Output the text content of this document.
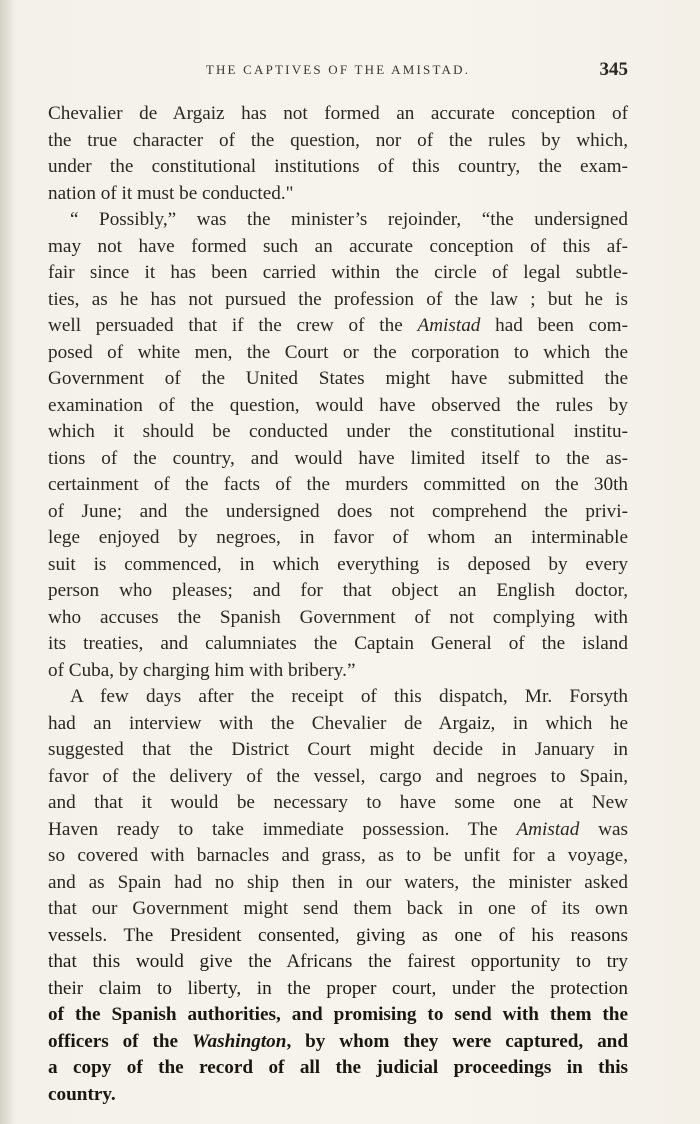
THE CAPTIVES OF THE AMISTAD.	345
Chevalier de Argaiz has not formed an accurate conception of
the true character of the question, nor of the rules by which,
under the constitutional institutions of this country, the exam-
nation of it must be conducted."
“ Possibly,” was the minister’s rejoinder, “the undersigned
may not have formed such an accurate conception of this af-
fair since it has been carried within the circle of legal subtle-
ties, as he has not pursued the profession of the law ; but he is
well persuaded that if the crew of the Amistad had been com-
posed of white men, the Court or the corporation to which the
Government of the United States might have submitted the
examination of the question, would have observed the rules by
which it should be conducted under the constitutional institu-
tions of the country, and would have limited itself to the as-
certainment of the facts of the murders committed on the 30th
of June; and the undersigned does not comprehend the privi-
lege enjoyed by negroes, in favor of whom an interminable
suit is commenced, in which everything is deposed by every
person who pleases; and for that object an English doctor,
who accuses the Spanish Government of not complying with
its treaties, and calumniates the Captain General of the island
of Cuba, by charging him with bribery.”
A few days after the receipt of this dispatch, Mr. Forsyth
had an interview with the Chevalier de Argaiz, in which he
suggested that the District Court might decide in January in
favor of the delivery of the vessel, cargo and negroes to Spain,
and that it would be necessary to have some one at New
Haven ready to take immediate possession. The Amistad was
so covered with barnacles and grass, as to be unfit for a voyage,
and as Spain had no ship then in our waters, the minister asked
that our Government might send them back in one of its own
vessels. The President consented, giving as one of his reasons
that this would give the Africans the fairest opportunity to try
their claim to liberty, in the proper court, under the protection
of the Spanish authorities, and promising to send with them the
officers of the Washington, by whom they were captured, and
a copy of the record of all the judicial proceedings in this
country.
